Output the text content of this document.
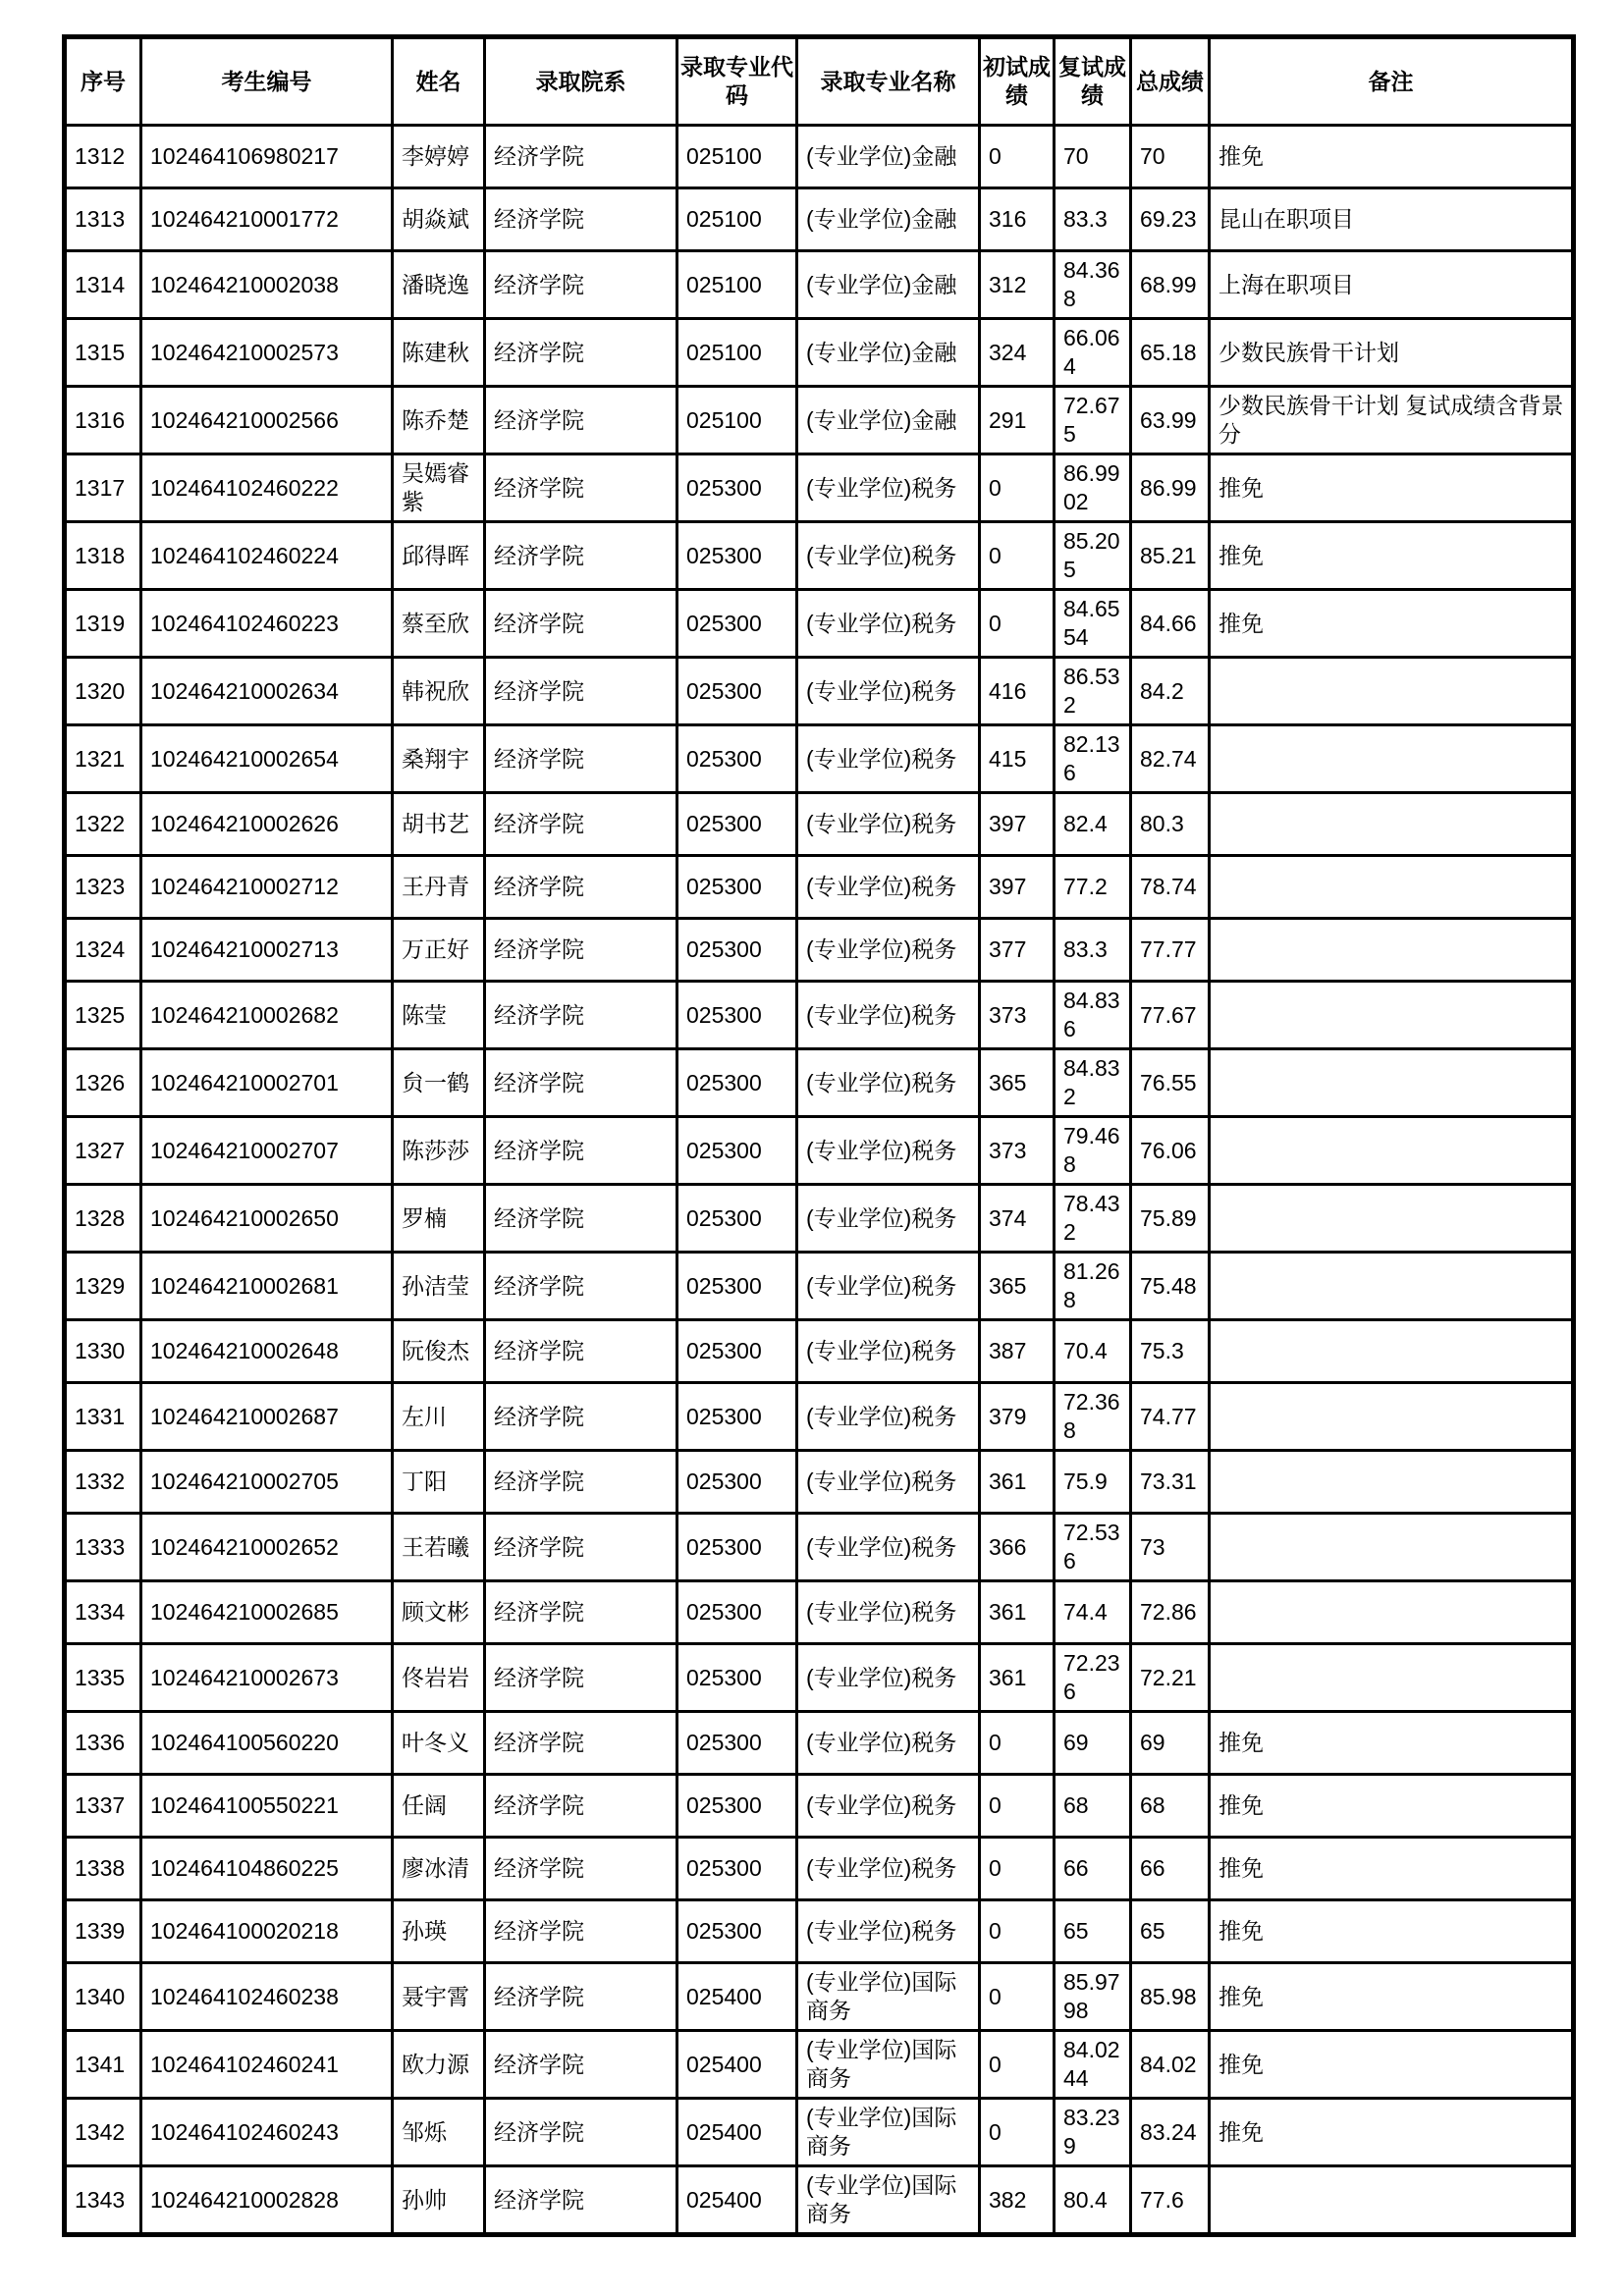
序号	考生编号	姓名	录取院系	录取专业代码	录取专业名称	初试成绩	复试成绩	总成绩	备注
1312	102464106980217	李婷婷	经济学院	025100	(专业学位)金融	0	70	70	推免
1313	102464210001772	胡焱斌	经济学院	025100	(专业学位)金融	316	83.3	69.23	昆山在职项目
1314	102464210002038	潘晓逸	经济学院	025100	(专业学位)金融	312	84.368	68.99	上海在职项目
1315	102464210002573	陈建秋	经济学院	025100	(专业学位)金融	324	66.064	65.18	少数民族骨干计划
1316	102464210002566	陈乔楚	经济学院	025100	(专业学位)金融	291	72.675	63.99	少数民族骨干计划 复试成绩含背景分
1317	102464102460222	吴嫣睿紫	经济学院	025300	(专业学位)税务	0	86.9902	86.99	推免
1318	102464102460224	邱得晖	经济学院	025300	(专业学位)税务	0	85.205	85.21	推免
1319	102464102460223	蔡至欣	经济学院	025300	(专业学位)税务	0	84.6554	84.66	推免
1320	102464210002634	韩祝欣	经济学院	025300	(专业学位)税务	416	86.532	84.2	
1321	102464210002654	桑翔宇	经济学院	025300	(专业学位)税务	415	82.136	82.74	
1322	102464210002626	胡书艺	经济学院	025300	(专业学位)税务	397	82.4	80.3	
1323	102464210002712	王丹青	经济学院	025300	(专业学位)税务	397	77.2	78.74	
1324	102464210002713	万正好	经济学院	025300	(专业学位)税务	377	83.3	77.77	
1325	102464210002682	陈莹	经济学院	025300	(专业学位)税务	373	84.836	77.67	
1326	102464210002701	贠一鹤	经济学院	025300	(专业学位)税务	365	84.832	76.55	
1327	102464210002707	陈莎莎	经济学院	025300	(专业学位)税务	373	79.468	76.06	
1328	102464210002650	罗楠	经济学院	025300	(专业学位)税务	374	78.432	75.89	
1329	102464210002681	孙洁莹	经济学院	025300	(专业学位)税务	365	81.268	75.48	
1330	102464210002648	阮俊杰	经济学院	025300	(专业学位)税务	387	70.4	75.3	
1331	102464210002687	左川	经济学院	025300	(专业学位)税务	379	72.368	74.77	
1332	102464210002705	丁阳	经济学院	025300	(专业学位)税务	361	75.9	73.31	
1333	102464210002652	王若曦	经济学院	025300	(专业学位)税务	366	72.536	73	
1334	102464210002685	顾文彬	经济学院	025300	(专业学位)税务	361	74.4	72.86	
1335	102464210002673	佟岩岩	经济学院	025300	(专业学位)税务	361	72.236	72.21	
1336	102464100560220	叶冬义	经济学院	025300	(专业学位)税务	0	69	69	推免
1337	102464100550221	任阔	经济学院	025300	(专业学位)税务	0	68	68	推免
1338	102464104860225	廖冰清	经济学院	025300	(专业学位)税务	0	66	66	推免
1339	102464100020218	孙瑛	经济学院	025300	(专业学位)税务	0	65	65	推免
1340	102464102460238	聂宇霄	经济学院	025400	(专业学位)国际商务	0	85.9798	85.98	推免
1341	102464102460241	欧力源	经济学院	025400	(专业学位)国际商务	0	84.0244	84.02	推免
1342	102464102460243	邹烁	经济学院	025400	(专业学位)国际商务	0	83.239	83.24	推免
1343	102464210002828	孙帅	经济学院	025400	(专业学位)国际商务	382	80.4	77.6	
